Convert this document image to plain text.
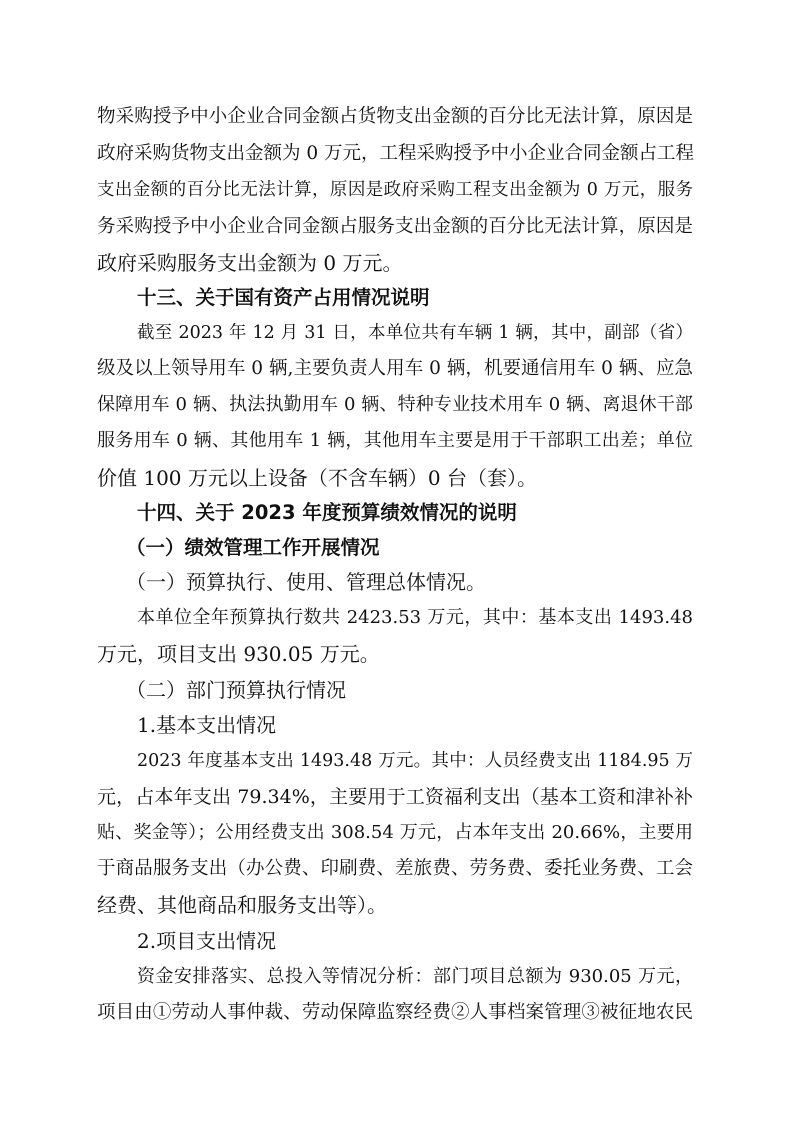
物采购授予中小企业合同金额占货物支出金额的百分比无法计算，原因是
政府采购货物支出金额为 0 万元，工程采购授予中小企业合同金额占工程
支出金额的百分比无法计算，原因是政府采购工程支出金额为 0 万元，服务
务采购授予中小企业合同金额占服务支出金额的百分比无法计算，原因是
政府采购服务支出金额为 0 万元。
十三、关于国有资产占用情况说明
截至 2023 年 12 月 31 日，本单位共有车辆 1 辆，其中，副部（省）
级及以上领导用车 0 辆,主要负责人用车 0 辆，机要通信用车 0 辆、应急
保障用车 0 辆、执法执勤用车 0 辆、特种专业技术用车 0 辆、离退休干部
服务用车 0 辆、其他用车 1 辆，其他用车主要是用于干部职工出差；单位
价值 100 万元以上设备（不含车辆）0 台（套）。
十四、关于 2023 年度预算绩效情况的说明
（一）绩效管理工作开展情况
（一）预算执行、使用、管理总体情况。
本单位全年预算执行数共 2423.53 万元，其中：基本支出 1493.48
万元，项目支出 930.05 万元。
（二）部门预算执行情况
1.基本支出情况
2023 年度基本支出 1493.48 万元。其中：人员经费支出 1184.95 万
元，占本年支出 79.34%，主要用于工资福利支出（基本工资和津补补
贴、奖金等）；公用经费支出 308.54 万元，占本年支出 20.66%，主要用
于商品服务支出（办公费、印刷费、差旅费、劳务费、委托业务费、工会
经费、其他商品和服务支出等）。
2.项目支出情况
资金安排落实、总投入等情况分析：部门项目总额为 930.05 万元，
项目由①劳动人事仲裁、劳动保障监察经费②人事档案管理③被征地农民
